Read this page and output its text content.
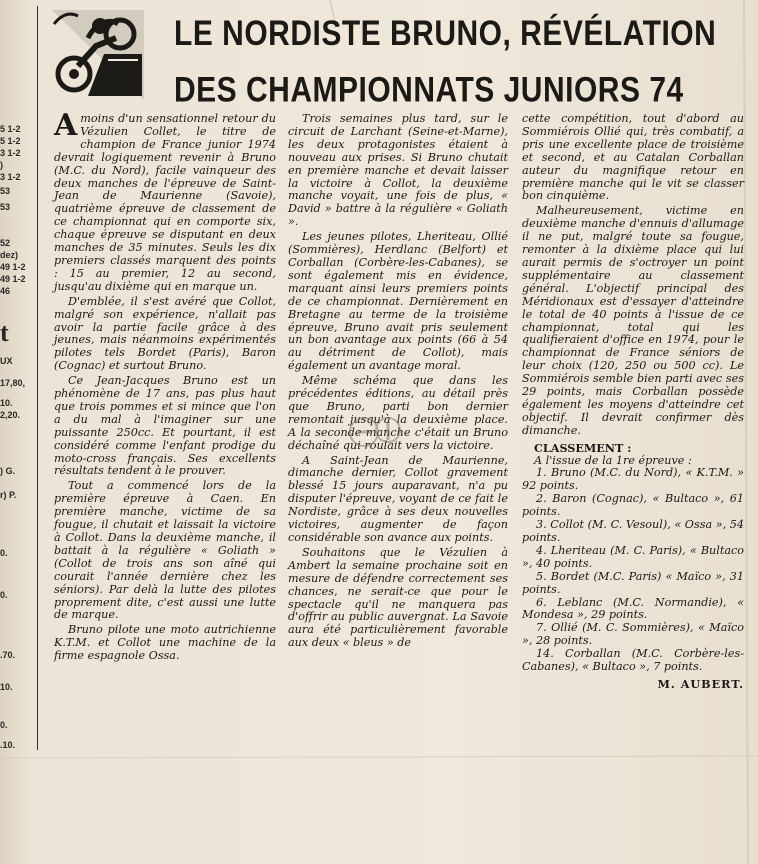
5 1-2
5 1-2
3 1-2
)
3 1-2
53
53
52
dez)
49 1-2
49 1-2
46
t
UX
17,80,
10.
2,20.
) G.
r) P.
0.
0.
.70.
10.
0.
.10.
LE NORDISTE BRUNO, RÉVÉLATION
DES CHAMPIONNATS JUNIORS 74

Amoins d'un sensationnel retour du Vézulien Collet, le titre de champion de France junior 1974 devrait logiquement revenir à Bruno (M.C. du Nord), facile vainqueur des deux manches de l'épreuve de Saint-Jean de Maurienne (Savoie), quatrième épreuve de classement de ce championnat qui en comporte six, chaque épreuve se disputant en deux manches de 35 minutes. Seuls les dix premiers classés marquent des points : 15 au premier, 12 au second, jusqu'au dixième qui en marque un.

D'emblée, il s'est avéré que Collot, malgré son expérience, n'allait pas avoir la partie facile grâce à des jeunes, mais néanmoins expérimentés pilotes tels Bordet (Paris), Baron (Cognac) et surtout Bruno.

Ce Jean-Jacques Bruno est un phénomène de 17 ans, pas plus haut que trois pommes et si mince que l'on a du mal à l'imaginer sur une puissante 250cc. Et pourtant, il est considéré comme l'enfant prodige du moto-cross français. Ses excellents résultats tendent à le prouver.

Tout a commencé lors de la première épreuve à Caen. En première manche, victime de sa fougue, il chutait et laissait la victoire à Collot. Dans la deuxième manche, il battait à la régulière « Goliath » (Collot de trois ans son aîné qui courait l'année dernière chez les séniors). Par delà la lutte des pilotes proprement dite, c'est aussi une lutte de marque.

Bruno pilote une moto autrichienne K.T.M. et Collot une machine de la firme espagnole Ossa.

Trois semaines plus tard, sur le circuit de Larchant (Seine-et-Marne), les deux protagonistes étaient à nouveau aux prises. Si Bruno chutait en première manche et devait laisser la victoire à Collot, la deuxième manche voyait, une fois de plus, « David » battre à la régulière « Goliath ».

Les jeunes pilotes, Lheriteau, Ollié (Sommières), Herdlanc (Belfort) et Corballan (Corbère-les-Cabanes), se sont également mis en évidence, marquant ainsi leurs premiers points de ce championnat. Dernièrement en Bretagne au terme de la troisième épreuve, Bruno avait pris seulement un bon avantage aux points (66 à 54 au détriment de Collot), mais également un avantage moral.

Même schéma que dans les précédentes éditions, au détail près que Bruno, parti bon dernier remontait jusqu'à la deuxième place. A la seconde manche c'était un Bruno déchaîné qui roulait vers la victoire.

A Saint-Jean de Maurienne, dimanche dernier, Collot gravement blessé 15 jours auparavant, n'a pu disputer l'épreuve, voyant de ce fait le Nordiste, grâce à ses deux nouvelles victoires, augmenter de façon considérable son avance aux points.

Souhaitons que le Vézulien à Ambert la semaine prochaine soit en mesure de défendre correctement ses chances, ne serait-ce que pour le spectacle qu'il ne manquera pas d'offrir au public auvergnat. La Savoie aura été particulièrement favorable aux deux « bleus » de

cette compétition, tout d'abord au Sommiérois Ollié qui, très combatif, a pris une excellente place de troisième et second, et au Catalan Corballan auteur du magnifique retour en première manche qui le vit se classer bon cinquième.

Malheureusement, victime en deuxième manche d'ennuis d'allumage il ne put, malgré toute sa fougue, remonter à la dixième place qui lui aurait permis de s'octroyer un point supplémentaire au classement général. L'objectif principal des Méridionaux est d'essayer d'atteindre le total de 40 points à l'issue de ce championnat, total qui les qualifieraient d'office en 1974, pour le championnat de France séniors de leur choix (120, 250 ou 500 cc). Le Sommiérois semble bien parti avec ses 29 points, mais Corballan possède également les moyens d'atteindre cet objectif. Il devrait confirmer dès dimanche.

CLASSEMENT :
A l'issue de la 1re épreuve :
1. Bruno (M.C. du Nord), « K.T.M. » 92 points.
2. Baron (Cognac), « Bultaco », 61 points.
3. Collot (M. C. Vesoul), « Ossa », 54 points.
4. Lheriteau (M. C. Paris), « Bultaco », 40 points.
5. Bordet (M.C. Paris) « Maïco », 31 points.
6. Leblanc (M.C. Normandie), « Mondesa », 29 points.
7. Ollié (M. C. Sommières), « Maïco », 28 points.
14. Corballan (M.C. Corbère-les-Cabanes), « Bultaco », 7 points.
M. AUBERT.
